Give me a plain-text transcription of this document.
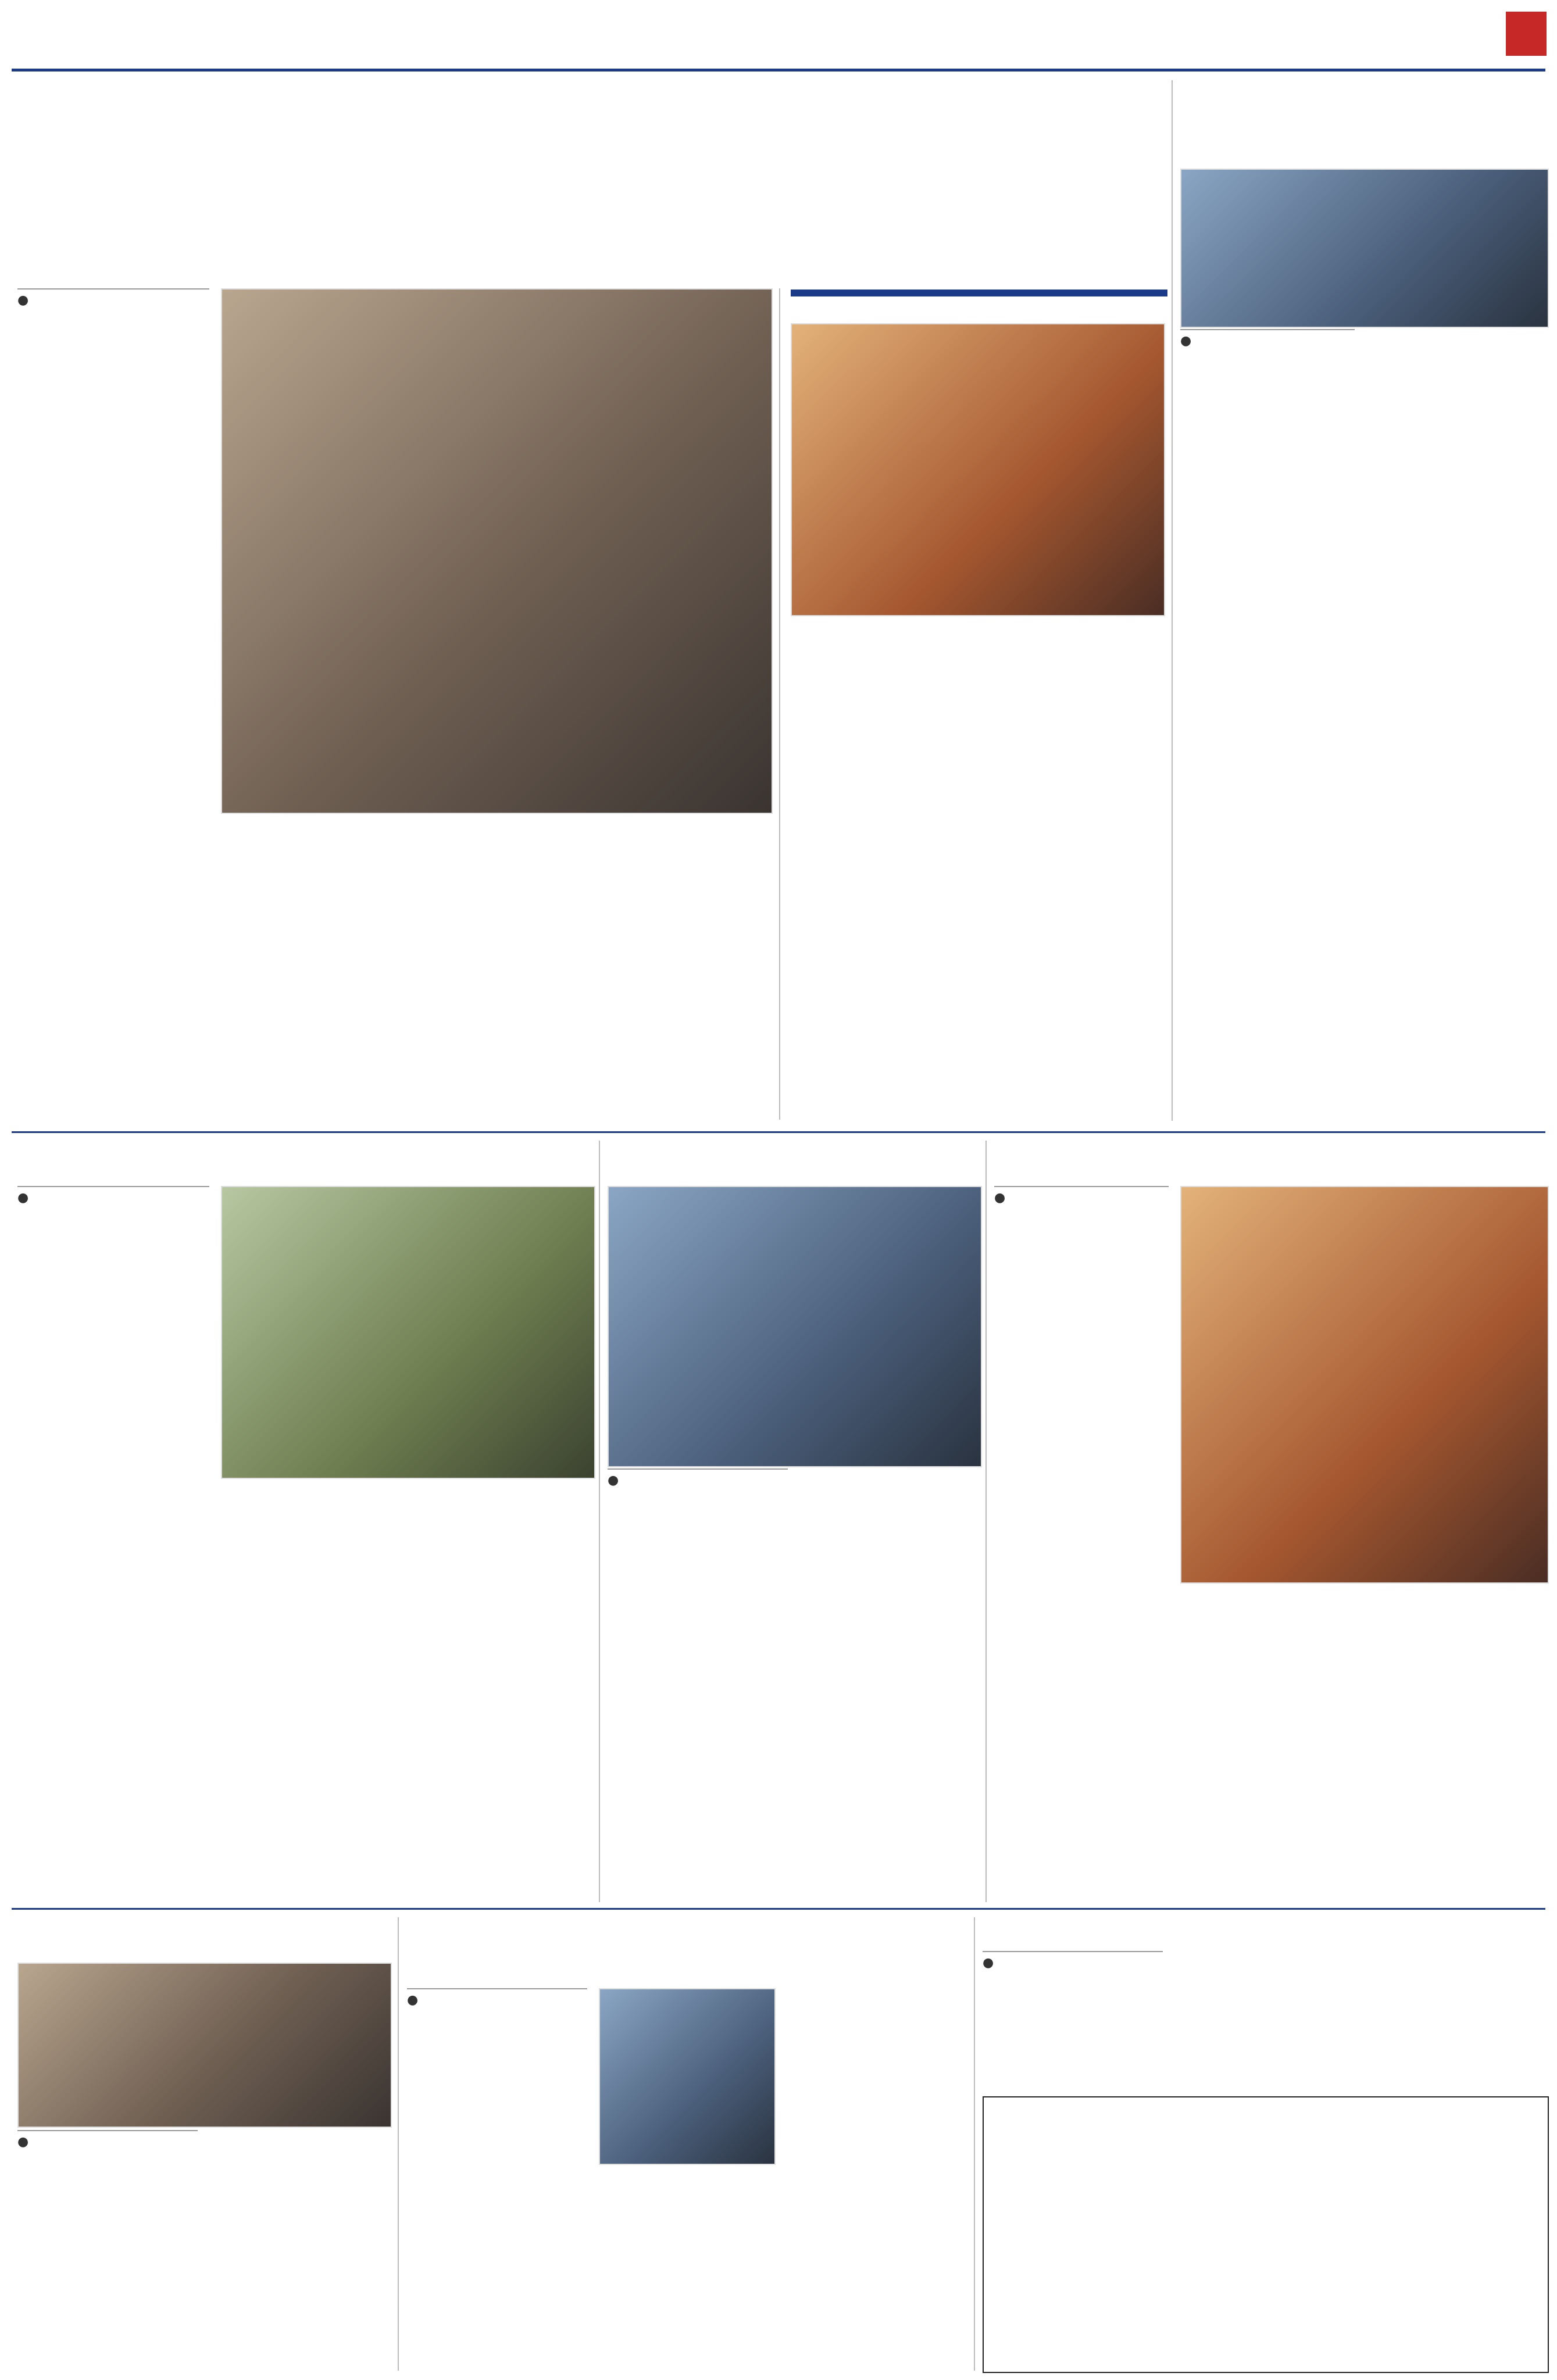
●
●
●
●
●
●
●
●
